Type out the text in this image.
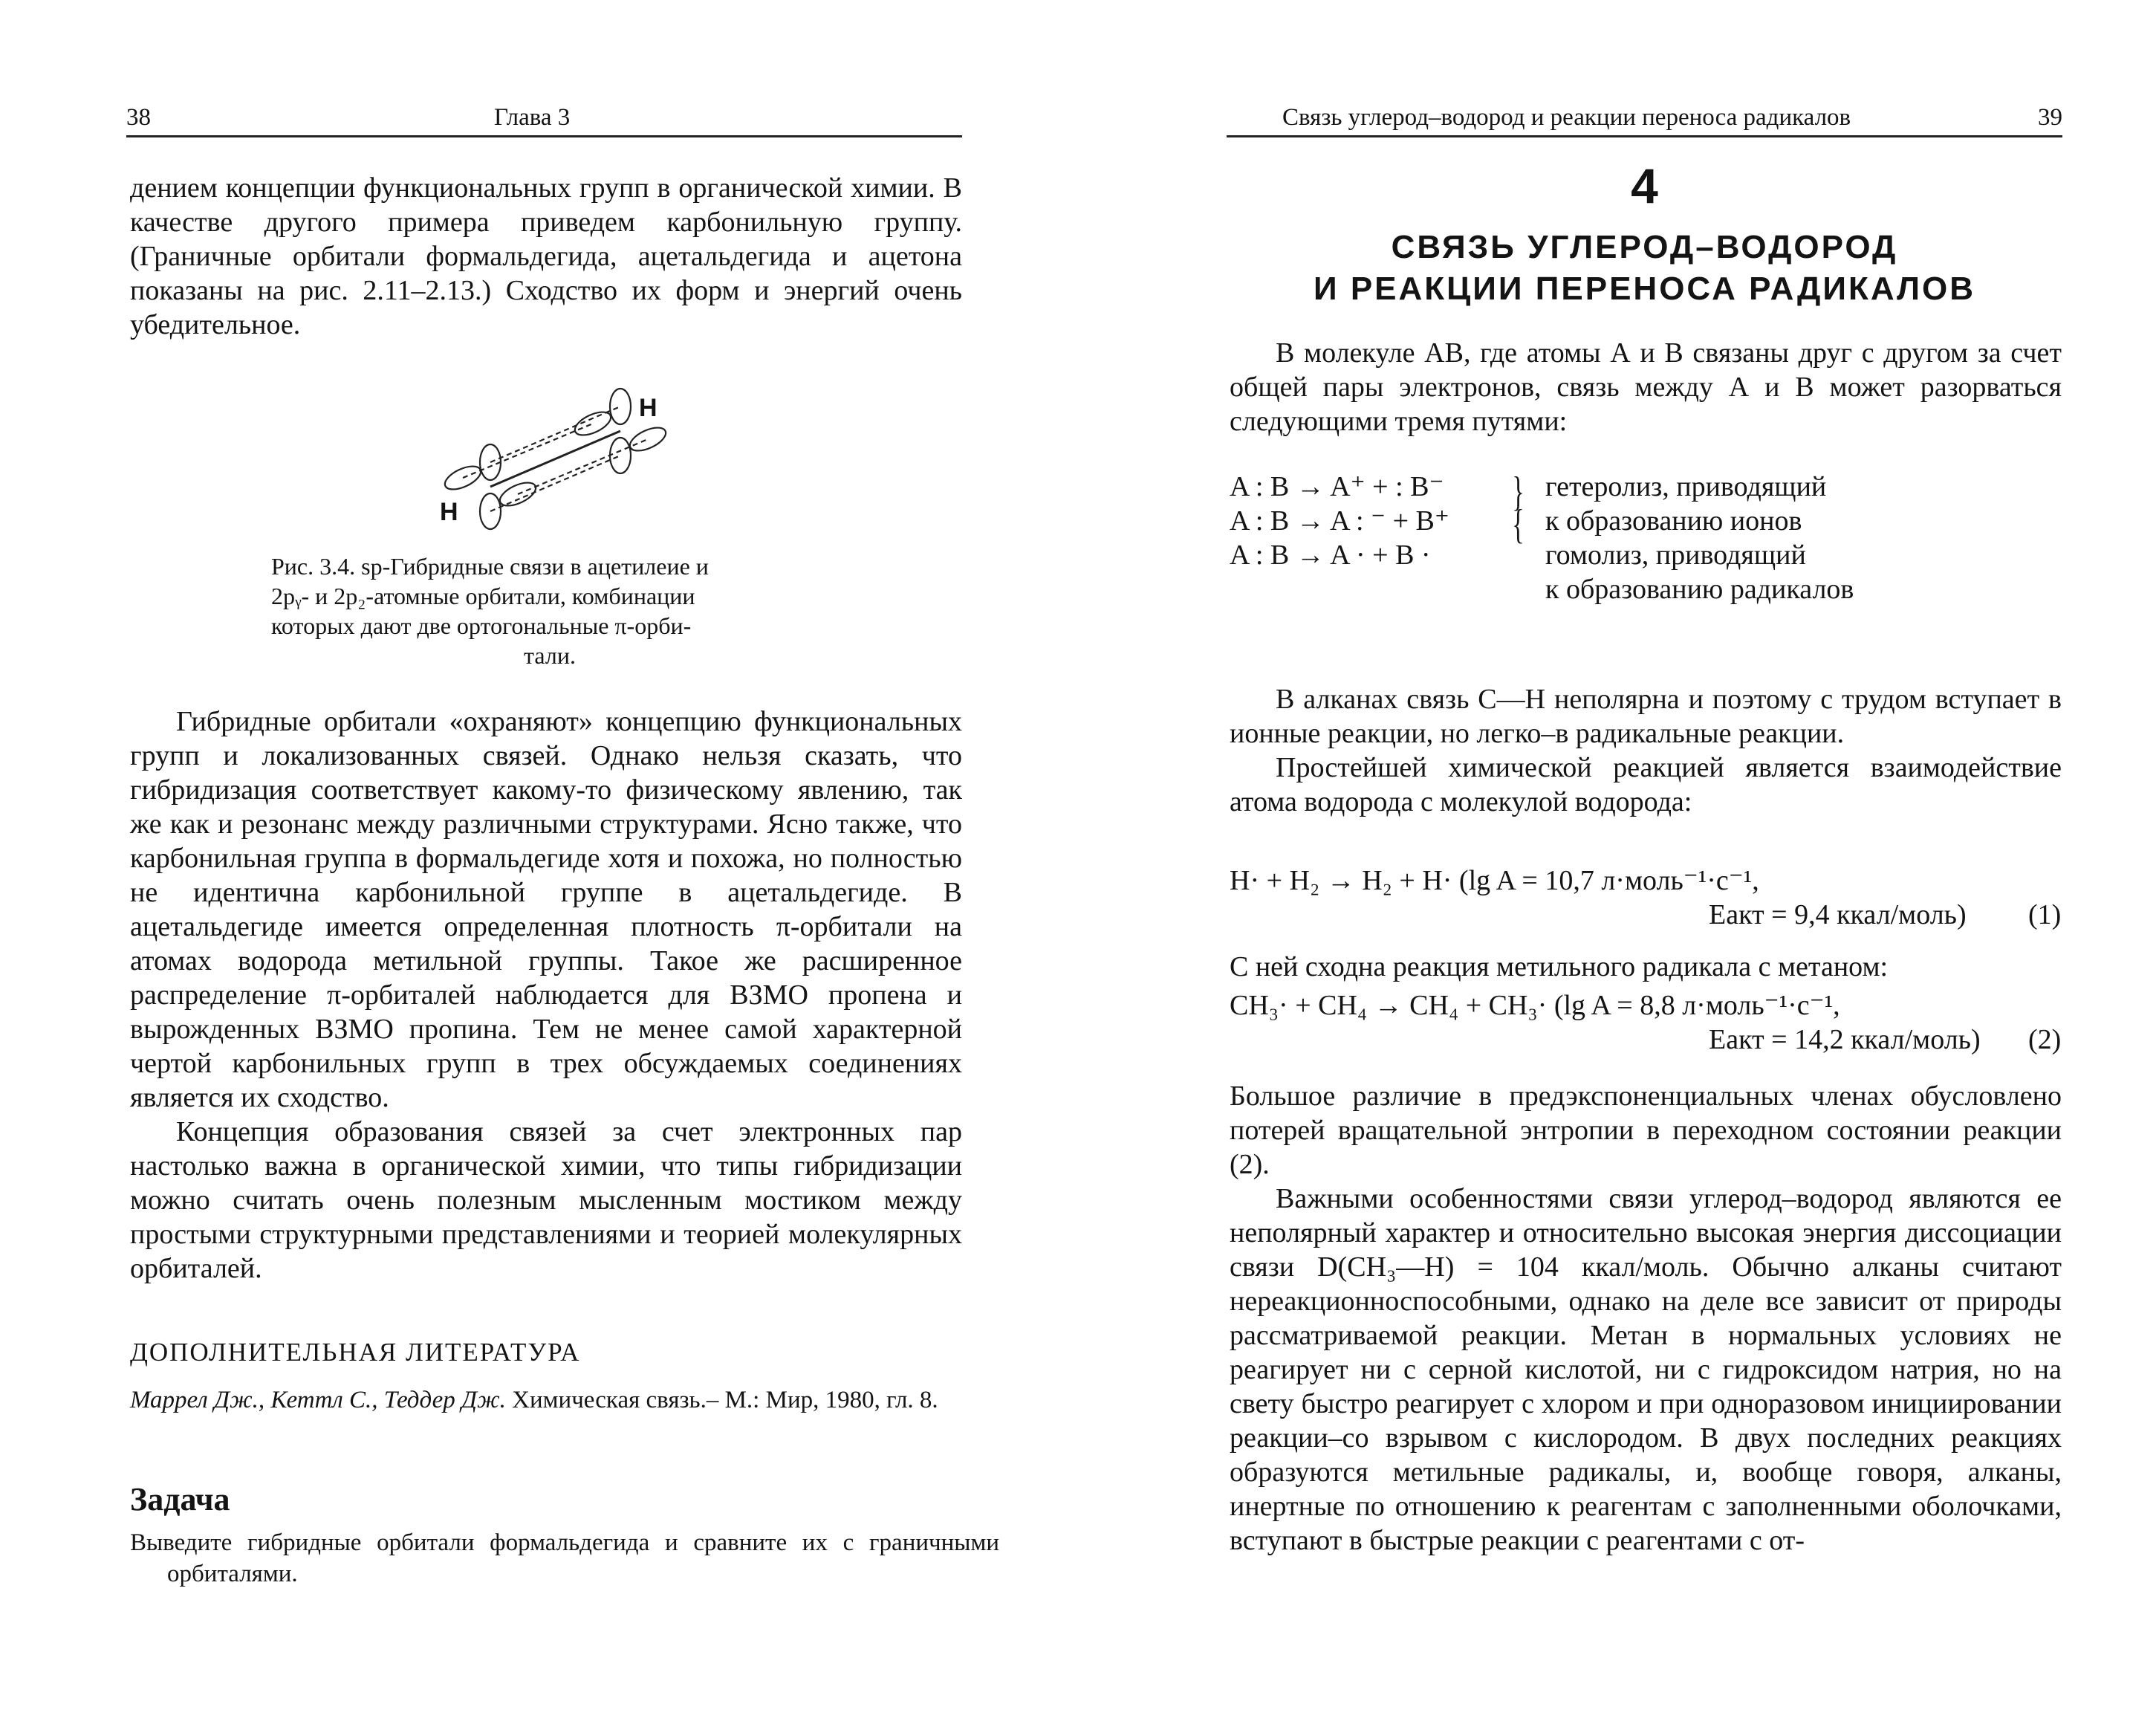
38	Глава 3

дением концепции функциональных групп в органической химии. В качестве другого примера приведем карбонильную группу. (Граничные орбитали формальдегида, ацетальдегида и ацетона показаны на рис. 2.11–2.13.) Сходство их форм и энергий очень убедительное.

H
H
Рис. 3.4. sp-Гибридные связи в ацетилеие и
2pᵧ- и 2p₂-атомные орбитали, комбинации
которых дают две ортогональные π-орби-
тали.

Гибридные орбитали «охраняют» концепцию функциональных групп и локализованных связей. Однако нельзя сказать, что гибридизация соответствует какому-то физическому явлению, так же как и резонанс между различными структурами. Ясно также, что карбонильная группа в формальдегиде хотя и похожа, но полностью не идентична карбонильной группе в ацетальдегиде. В ацетальдегиде имеется определенная плотность π-орбитали на атомах водорода метильной группы. Такое же расширенное распределение π-орбиталей наблюдается для ВЗМО пропена и вырожденных ВЗМО пропина. Тем не менее самой характерной чертой карбонильных групп в трех обсуждаемых соединениях является их сходство.

Концепция образования связей за счет электронных пар настолько важна в органической химии, что типы гибридизации можно считать очень полезным мысленным мостиком между простыми структурными представлениями и теорией молекулярных орбиталей.

ДОПОЛНИТЕЛЬНАЯ ЛИТЕРАТУРА
Маррел Дж., Кеттл С., Теддер Дж. Химическая связь.– М.: Мир, 1980, гл. 8.
Задача
Выведите гибридные орбитали формальдегида и сравните их с граничными орбиталями.
Связь углерод–водород и реакции переноса радикалов	39
4
СВЯЗЬ УГЛЕРОД–ВОДОРОД
И РЕАКЦИИ ПЕРЕНОСА РАДИКАЛОВ

В молекуле АВ, где атомы А и В связаны друг с другом за счет общей пары электронов, связь между А и В может разорваться следующими тремя путями:

A : B → A⁺ + : B⁻
A : B → A : ⁻ + B⁺
A : B → A · + B ·
}
{
гетеролиз, приводящий
к образованию ионов
гомолиз, приводящий
к образованию радикалов

В алканах связь С—Н неполярна и поэтому с трудом вступает в ионные реакции, но легко–в радикальные реакции.

Простейшей химической реакцией является взаимодействие атома водорода с молекулой водорода:

H· + H₂ → H₂ + H· (lg A = 10,7 л·моль⁻¹·с⁻¹,
Eакт = 9,4 ккал/моль) (1)

С ней сходна реакция метильного радикала с метаном:

CH₃· + CH₄ → CH₄ + CH₃· (lg A = 8,8 л·моль⁻¹·с⁻¹,
Eакт = 14,2 ккал/моль) (2)

Большое различие в предэкспоненциальных членах обусловлено потерей вращательной энтропии в переходном состоянии реакции (2).

Важными особенностями связи углерод–водород являются ее неполярный характер и относительно высокая энергия диссоциации связи D(CH₃—H) = 104 ккал/моль. Обычно алканы считают нереакционноспособными, однако на деле все зависит от природы рассматриваемой реакции. Метан в нормальных условиях не реагирует ни с серной кислотой, ни с гидроксидом натрия, но на свету быстро реагирует с хлором и при одноразовом инициировании реакции–со взрывом с кислородом. В двух последних реакциях образуются метильные радикалы, и, вообще говоря, алканы, инертные по отношению к реагентам с заполненными оболочками, вступают в быстрые реакции с реагентами с от-
